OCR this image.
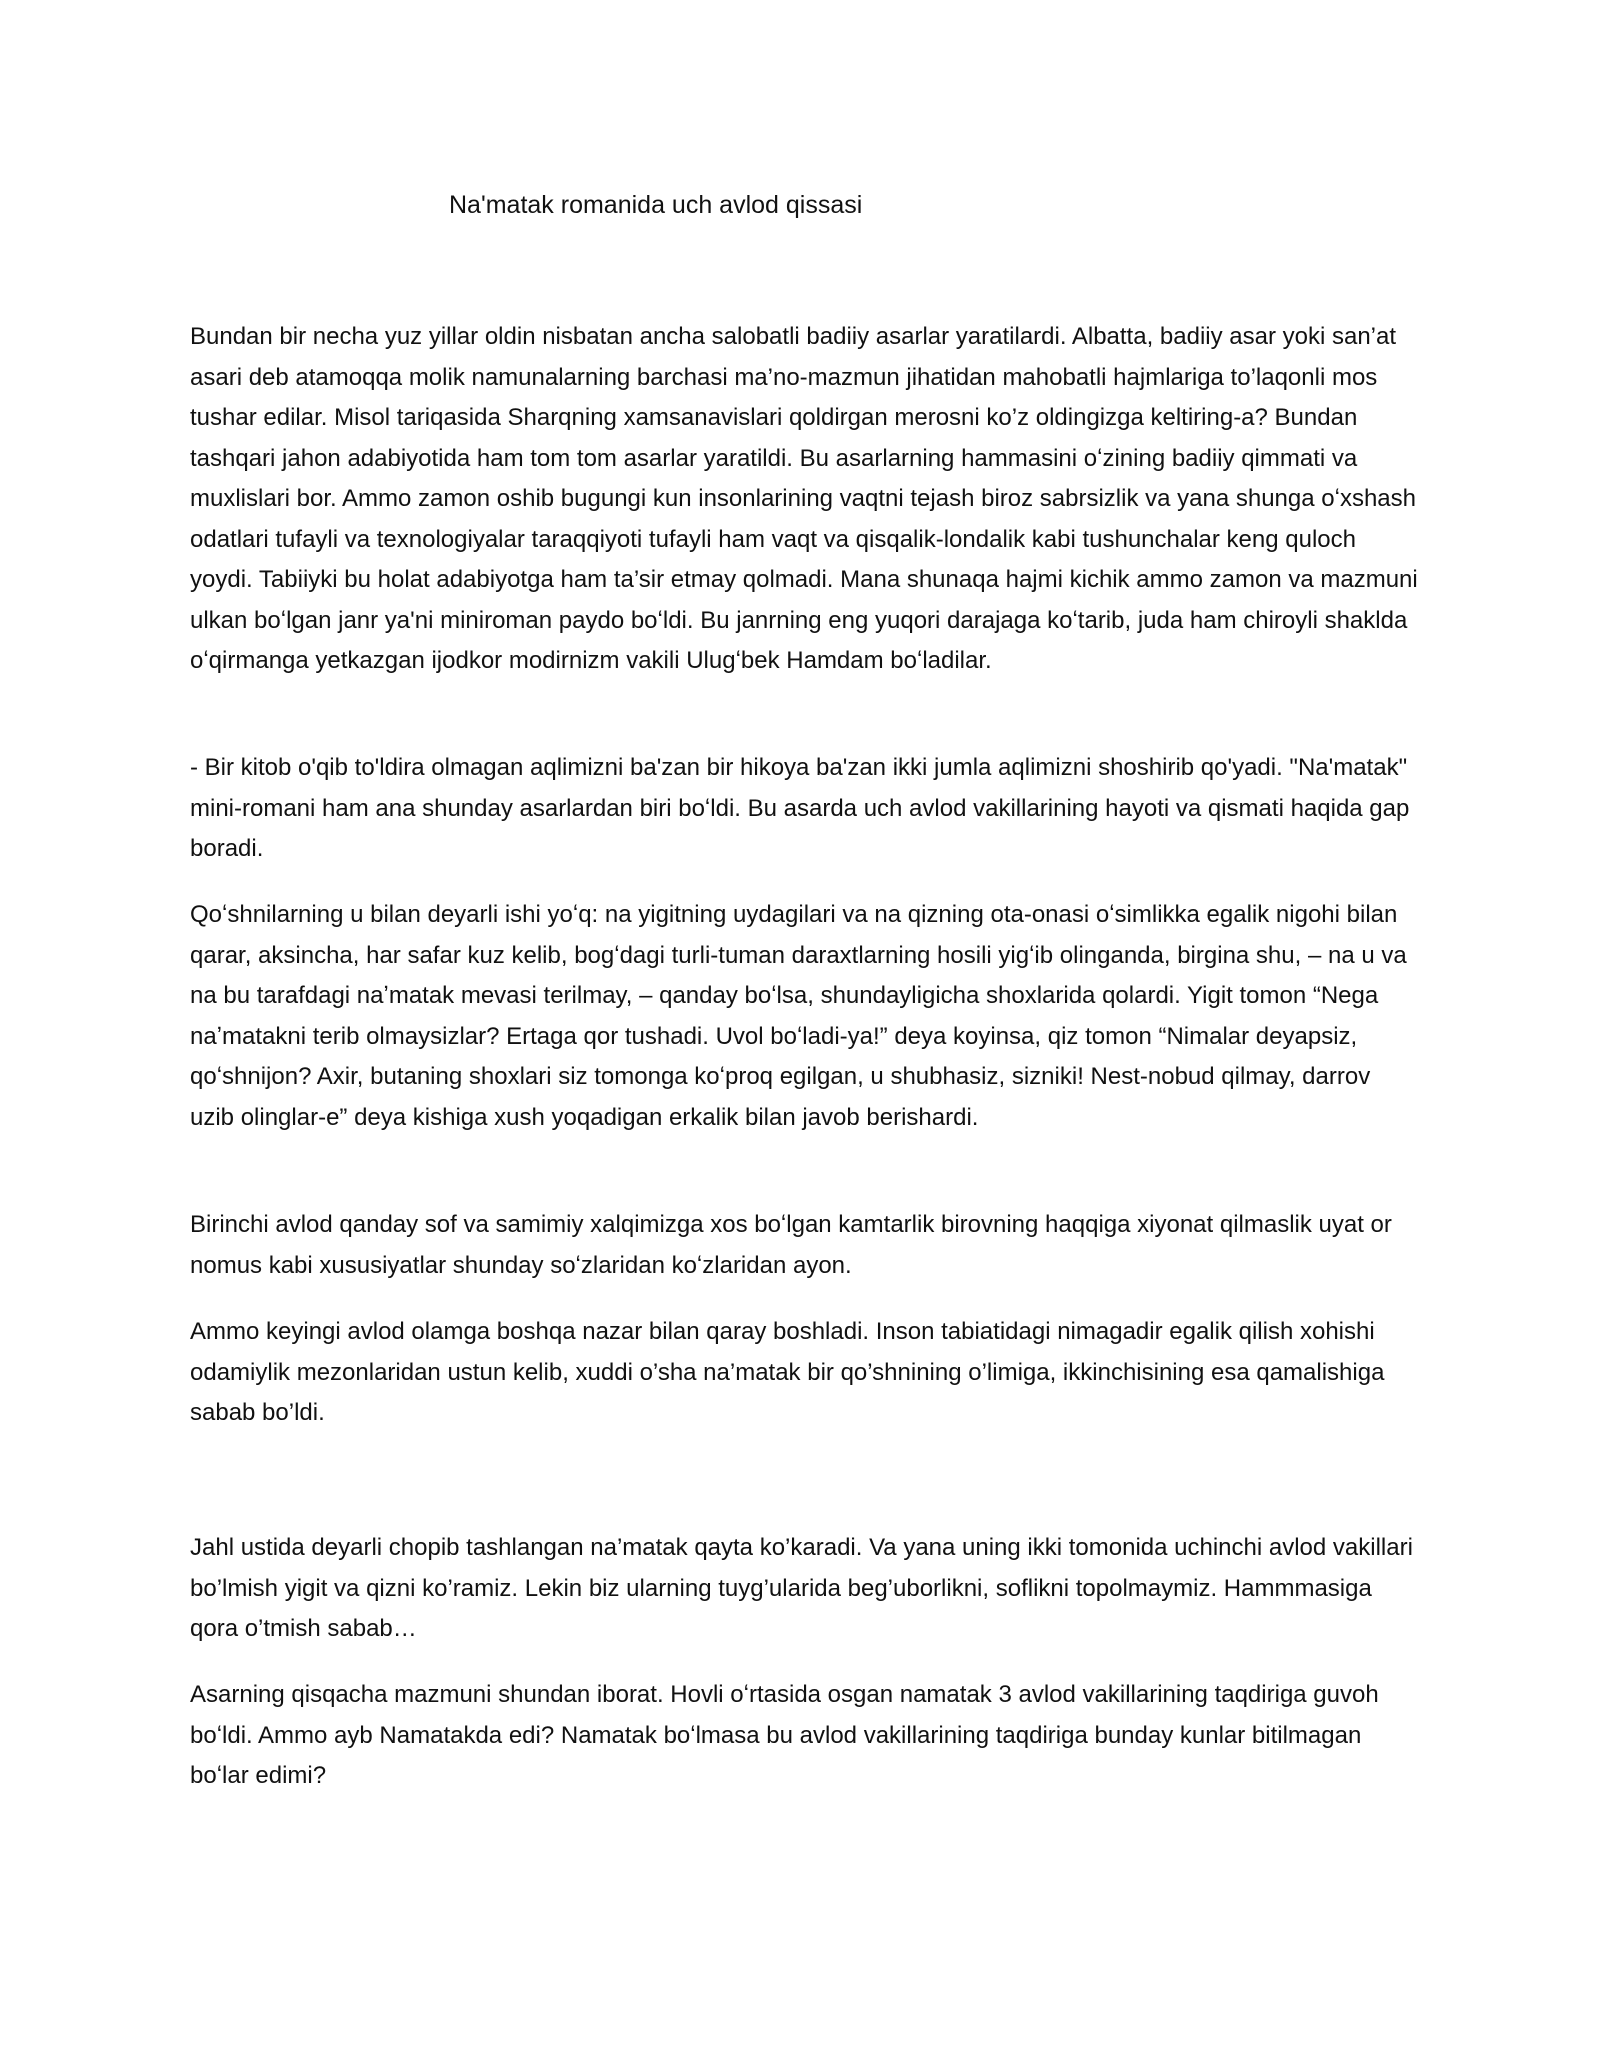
Na'matak romanida uch avlod qissasi

Bundan bir necha yuz yillar oldin nisbatan ancha salobatli badiiy asarlar yaratilardi. Albatta, badiiy asar yoki san’at asari deb atamoqqa molik namunalarning barchasi ma’no-mazmun jihatidan mahobatli hajmlariga to’laqonli mos tushar edilar. Misol tariqasida Sharqning xamsanavislari qoldirgan merosni ko’z oldingizga keltiring-a? Bundan tashqari jahon adabiyotida ham tom tom asarlar yaratildi. Bu asarlarning hammasini oʻzining badiiy qimmati va muxlislari bor. Ammo zamon oshib bugungi kun insonlarining vaqtni tejash biroz sabrsizlik va yana shunga oʻxshash odatlari tufayli va texnologiyalar taraqqiyoti tufayli ham vaqt va qisqalik-londalik kabi tushunchalar keng quloch yoydi. Tabiiyki bu holat adabiyotga ham ta’sir etmay qolmadi. Mana shunaqa hajmi kichik ammo zamon va mazmuni ulkan boʻlgan janr ya'ni miniroman paydo boʻldi. Bu janrning eng yuqori darajaga koʻtarib, juda ham chiroyli shaklda oʻqirmanga yetkazgan ijodkor modirnizm vakili Ulugʻbek Hamdam boʻladilar.

- Bir kitob o'qib to'ldira olmagan aqlimizni ba'zan bir hikoya ba'zan ikki jumla aqlimizni shoshirib qo'yadi. "Na'matak" mini-romani ham ana shunday asarlardan biri boʻldi. Bu asarda uch avlod vakillarining hayoti va qismati haqida gap boradi.

Qoʻshnilarning u bilan deyarli ishi yoʻq: na yigitning uydagilari va na qizning ota-onasi oʻsimlikka egalik nigohi bilan qarar, aksincha, har safar kuz kelib, bogʻdagi turli-tuman daraxtlarning hosili yigʻib olinganda, birgina shu, – na u va na bu tarafdagi naʼmatak mevasi terilmay, – qanday boʻlsa, shundayligicha shoxlarida qolardi. Yigit tomon “Nega naʼmatakni terib olmaysizlar? Ertaga qor tushadi. Uvol boʻladi-ya!” deya koyinsa, qiz tomon “Nimalar deyapsiz, qoʻshnijon? Axir, butaning shoxlari siz tomonga koʻproq egilgan, u shubhasiz, sizniki! Nest-nobud qilmay, darrov uzib olinglar-e” deya kishiga xush yoqadigan erkalik bilan javob berishardi.

Birinchi avlod qanday sof va samimiy xalqimizga xos boʻlgan kamtarlik birovning haqqiga xiyonat qilmaslik uyat or nomus kabi xususiyatlar shunday soʻzlaridan koʻzlaridan ayon.

Ammo keyingi avlod olamga boshqa nazar bilan qaray boshladi. Inson tabiatidagi nimagadir egalik qilish xohishi odamiylik mezonlaridan ustun kelib, xuddi o’sha na’matak bir qo’shnining o’limiga, ikkinchisining esa qamalishiga sabab bo’ldi.

Jahl ustida deyarli chopib tashlangan na’matak qayta ko’karadi. Va yana uning ikki tomonida uchinchi avlod vakillari bo’lmish yigit va qizni ko’ramiz. Lekin biz ularning tuyg’ularida beg’uborlikni, soflikni topolmaymiz. Hammmasiga qora o’tmish sabab…

Asarning qisqacha mazmuni shundan iborat. Hovli oʻrtasida osgan namatak 3 avlod vakillarining taqdiriga guvoh boʻldi. Ammo ayb Namatakda edi? Namatak boʻlmasa bu avlod vakillarining taqdiriga bunday kunlar bitilmagan boʻlar edimi?
